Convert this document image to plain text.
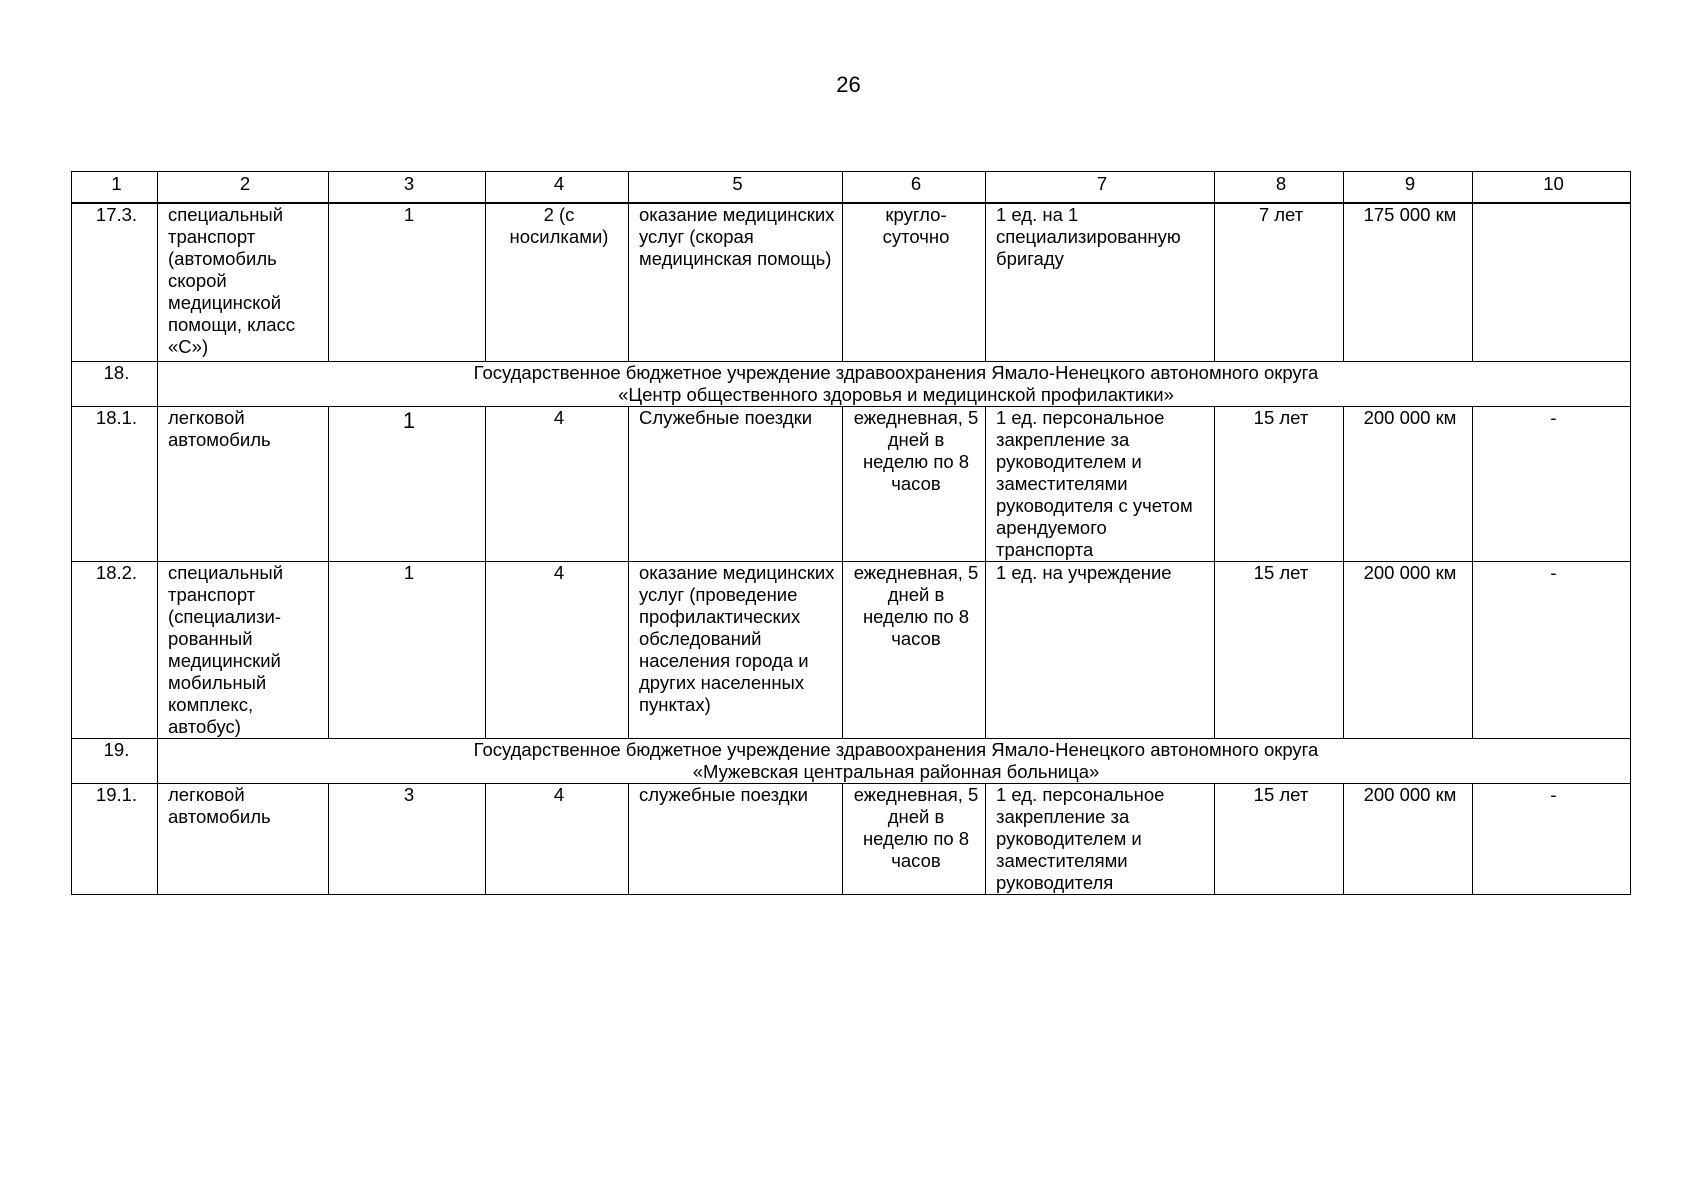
26
1	2	3	4	5	6	7	8	9	10
17.3.	специальный транспорт (автомобиль скорой медицинской помощи, класс «С»)	1	2 (с носилками)	оказание медицинских услуг (скорая медицинская помощь)	кругло-суточно	1 ед. на 1 специализированную бригаду	7 лет	175 000 км	
18.	Государственное бюджетное учреждение здравоохранения Ямало-Ненецкого автономного округа
«Центр общественного здоровья и медицинской профилактики»								

18.1.	легковой автомобиль	1	4	Служебные поездки	ежедневная, 5 дней в неделю по 8 часов	1 ед. персональное закрепление за руководителем и заместителями руководителя с учетом арендуемого транспорта	15 лет	200 000 км	-
18.2.	специальный транспорт (специализи-рованный медицинский мобильный комплекс, автобус)	1	4	оказание медицинских услуг (проведение профилактических обследований населения города и других населенных пунктах)	ежедневная, 5 дней в неделю по 8 часов	1 ед. на учреждение	15 лет	200 000 км	-
19.	Государственное бюджетное учреждение здравоохранения Ямало-Ненецкого автономного округа
«Мужевская центральная районная больница»								

19.1.	легковой автомобиль	3	4	служебные поездки	ежедневная, 5 дней в неделю по 8 часов	1 ед. персональное закрепление за руководителем и заместителями руководителя	15 лет	200 000 км	-
